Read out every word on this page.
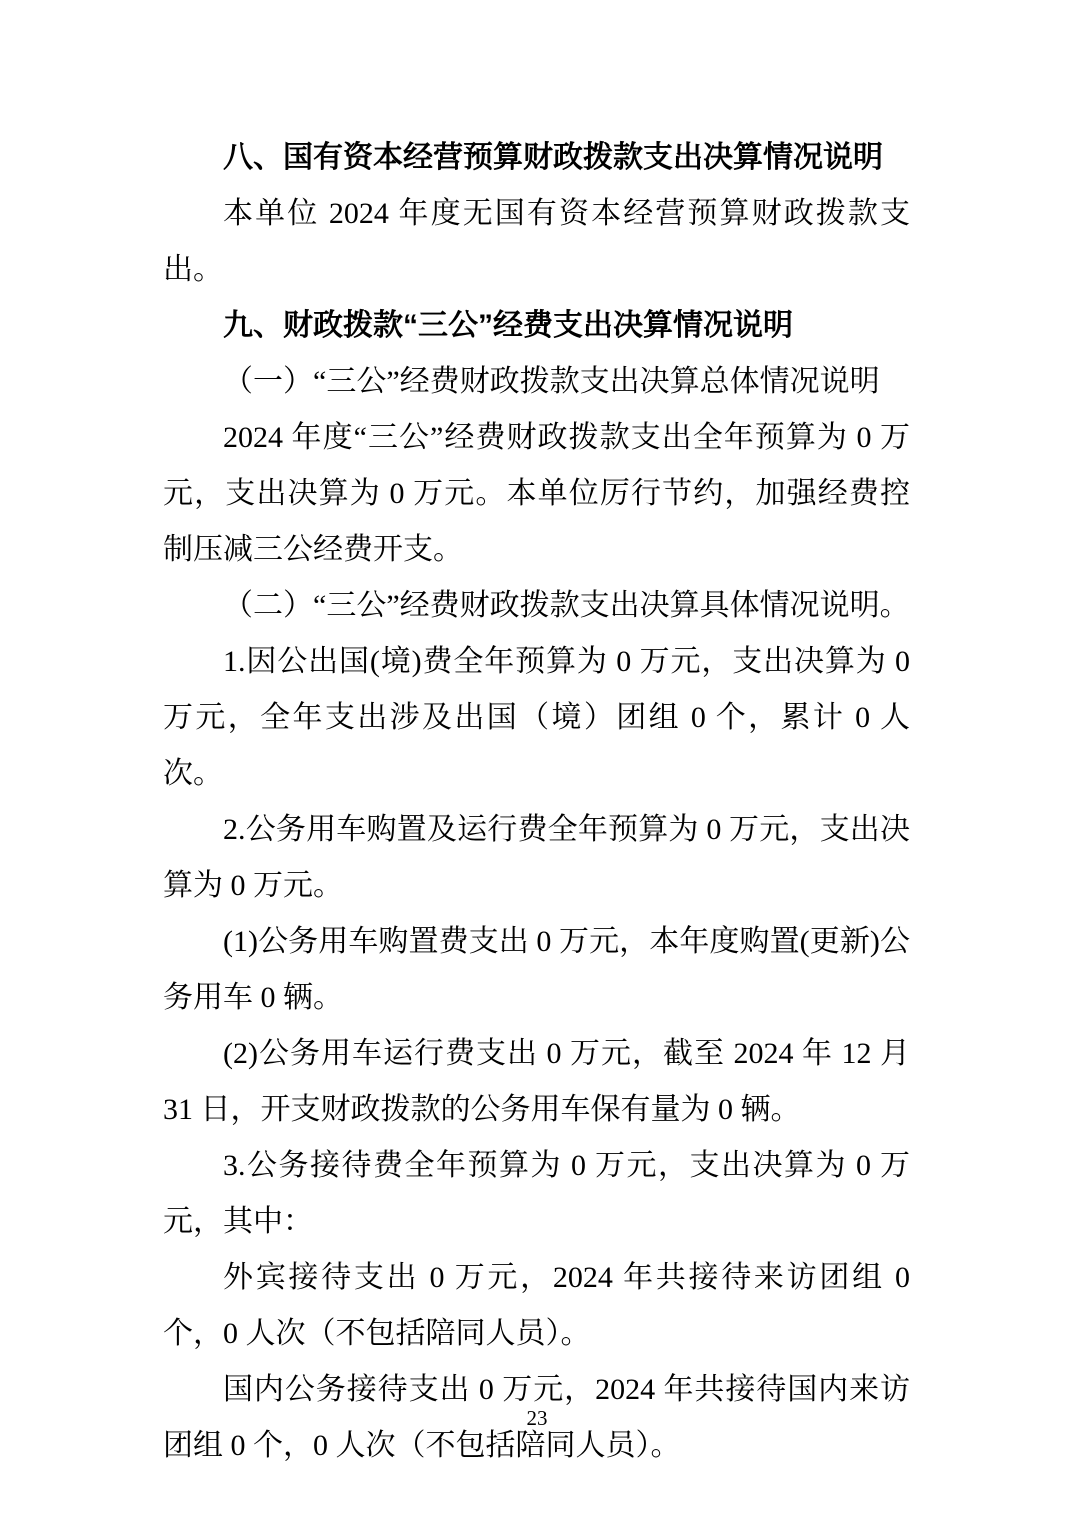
八、国有资本经营预算财政拨款支出决算情况说明

本单位 2024 年度无国有资本经营预算财政拨款支出。

九、财政拨款“三公”经费支出决算情况说明

（一）“三公”经费财政拨款支出决算总体情况说明

2024 年度“三公”经费财政拨款支出全年预算为 0 万元，支出决算为 0 万元。本单位厉行节约，加强经费控制压减三公经费开支。

（二）“三公”经费财政拨款支出决算具体情况说明。

1.因公出国(境)费全年预算为 0 万元，支出决算为 0 万元，全年支出涉及出国（境）团组 0 个，累计 0 人次。

2.公务用车购置及运行费全年预算为 0 万元，支出决算为 0 万元。

(1)公务用车购置费支出 0 万元，本年度购置(更新)公务用车 0 辆。

(2)公务用车运行费支出 0 万元，截至 2024 年 12 月 31 日，开支财政拨款的公务用车保有量为 0 辆。

3.公务接待费全年预算为 0 万元，支出决算为 0 万元，其中：

外宾接待支出 0 万元，2024 年共接待来访团组 0 个，0 人次（不包括陪同人员）。

国内公务接待支出 0 万元，2024 年共接待国内来访团组 0 个，0 人次（不包括陪同人员）。

23
